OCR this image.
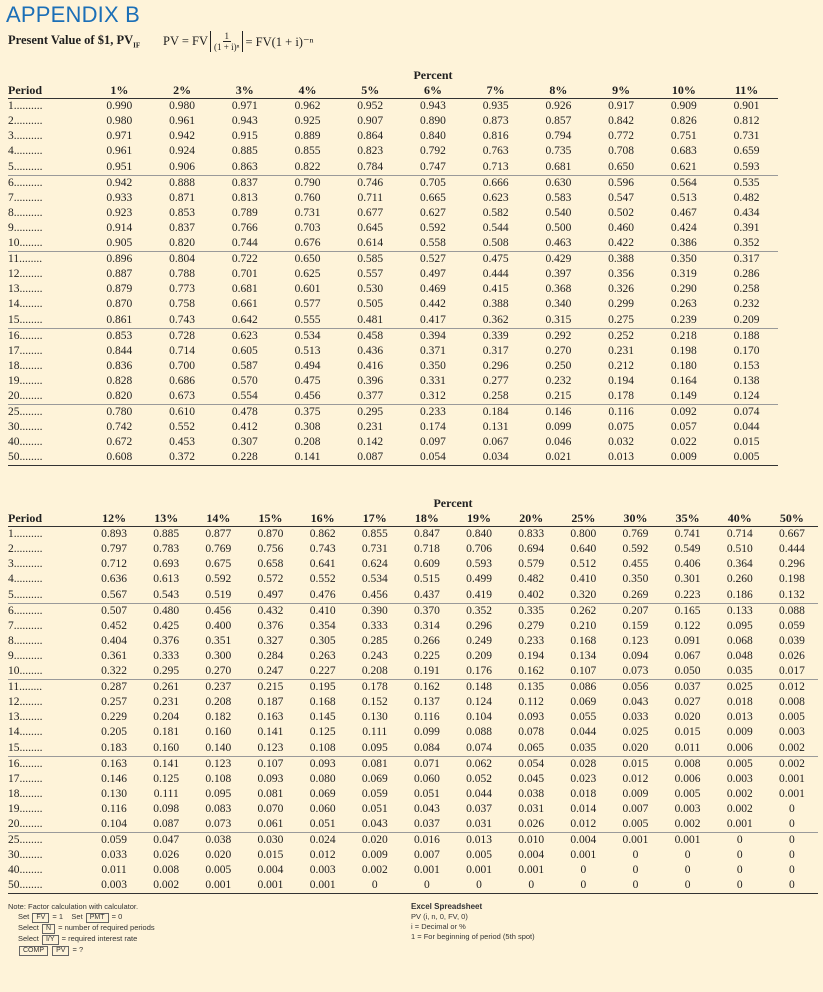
APPENDIX B
Present Value of $1, $PV_{IF}$ PV = FV $\frac{1}{\text{(1 + i)ⁿ}} = FV(1 + i)^{-n}$
	Percent										
Period	1%	2%	3%	4%	5%	6%	7%	8%	9%	10%	11%
1..........	0.990	0.980	0.971	0.962	0.952	0.943	0.935	0.926	0.917	0.909	0.901
2..........	0.980	0.961	0.943	0.925	0.907	0.890	0.873	0.857	0.842	0.826	0.812
3..........	0.971	0.942	0.915	0.889	0.864	0.840	0.816	0.794	0.772	0.751	0.731
4..........	0.961	0.924	0.885	0.855	0.823	0.792	0.763	0.735	0.708	0.683	0.659
5..........	0.951	0.906	0.863	0.822	0.784	0.747	0.713	0.681	0.650	0.621	0.593
6..........	0.942	0.888	0.837	0.790	0.746	0.705	0.666	0.630	0.596	0.564	0.535
7..........	0.933	0.871	0.813	0.760	0.711	0.665	0.623	0.583	0.547	0.513	0.482
8..........	0.923	0.853	0.789	0.731	0.677	0.627	0.582	0.540	0.502	0.467	0.434
9..........	0.914	0.837	0.766	0.703	0.645	0.592	0.544	0.500	0.460	0.424	0.391
10........	0.905	0.820	0.744	0.676	0.614	0.558	0.508	0.463	0.422	0.386	0.352
11........	0.896	0.804	0.722	0.650	0.585	0.527	0.475	0.429	0.388	0.350	0.317
12........	0.887	0.788	0.701	0.625	0.557	0.497	0.444	0.397	0.356	0.319	0.286
13........	0.879	0.773	0.681	0.601	0.530	0.469	0.415	0.368	0.326	0.290	0.258
14........	0.870	0.758	0.661	0.577	0.505	0.442	0.388	0.340	0.299	0.263	0.232
15........	0.861	0.743	0.642	0.555	0.481	0.417	0.362	0.315	0.275	0.239	0.209
16........	0.853	0.728	0.623	0.534	0.458	0.394	0.339	0.292	0.252	0.218	0.188
17........	0.844	0.714	0.605	0.513	0.436	0.371	0.317	0.270	0.231	0.198	0.170
18........	0.836	0.700	0.587	0.494	0.416	0.350	0.296	0.250	0.212	0.180	0.153
19........	0.828	0.686	0.570	0.475	0.396	0.331	0.277	0.232	0.194	0.164	0.138
20........	0.820	0.673	0.554	0.456	0.377	0.312	0.258	0.215	0.178	0.149	0.124
25........	0.780	0.610	0.478	0.375	0.295	0.233	0.184	0.146	0.116	0.092	0.074
30........	0.742	0.552	0.412	0.308	0.231	0.174	0.131	0.099	0.075	0.057	0.044
40........	0.672	0.453	0.307	0.208	0.142	0.097	0.067	0.046	0.032	0.022	0.015
50........	0.608	0.372	0.228	0.141	0.087	0.054	0.034	0.021	0.013	0.009	0.005
	Percent													
Period	12%	13%	14%	15%	16%	17%	18%	19%	20%	25%	30%	35%	40%	50%
1..........	0.893	0.885	0.877	0.870	0.862	0.855	0.847	0.840	0.833	0.800	0.769	0.741	0.714	0.667
2..........	0.797	0.783	0.769	0.756	0.743	0.731	0.718	0.706	0.694	0.640	0.592	0.549	0.510	0.444
3..........	0.712	0.693	0.675	0.658	0.641	0.624	0.609	0.593	0.579	0.512	0.455	0.406	0.364	0.296
4..........	0.636	0.613	0.592	0.572	0.552	0.534	0.515	0.499	0.482	0.410	0.350	0.301	0.260	0.198
5..........	0.567	0.543	0.519	0.497	0.476	0.456	0.437	0.419	0.402	0.320	0.269	0.223	0.186	0.132
6..........	0.507	0.480	0.456	0.432	0.410	0.390	0.370	0.352	0.335	0.262	0.207	0.165	0.133	0.088
7..........	0.452	0.425	0.400	0.376	0.354	0.333	0.314	0.296	0.279	0.210	0.159	0.122	0.095	0.059
8..........	0.404	0.376	0.351	0.327	0.305	0.285	0.266	0.249	0.233	0.168	0.123	0.091	0.068	0.039
9..........	0.361	0.333	0.300	0.284	0.263	0.243	0.225	0.209	0.194	0.134	0.094	0.067	0.048	0.026
10........	0.322	0.295	0.270	0.247	0.227	0.208	0.191	0.176	0.162	0.107	0.073	0.050	0.035	0.017
11........	0.287	0.261	0.237	0.215	0.195	0.178	0.162	0.148	0.135	0.086	0.056	0.037	0.025	0.012
12........	0.257	0.231	0.208	0.187	0.168	0.152	0.137	0.124	0.112	0.069	0.043	0.027	0.018	0.008
13........	0.229	0.204	0.182	0.163	0.145	0.130	0.116	0.104	0.093	0.055	0.033	0.020	0.013	0.005
14........	0.205	0.181	0.160	0.141	0.125	0.111	0.099	0.088	0.078	0.044	0.025	0.015	0.009	0.003
15........	0.183	0.160	0.140	0.123	0.108	0.095	0.084	0.074	0.065	0.035	0.020	0.011	0.006	0.002
16........	0.163	0.141	0.123	0.107	0.093	0.081	0.071	0.062	0.054	0.028	0.015	0.008	0.005	0.002
17........	0.146	0.125	0.108	0.093	0.080	0.069	0.060	0.052	0.045	0.023	0.012	0.006	0.003	0.001
18........	0.130	0.111	0.095	0.081	0.069	0.059	0.051	0.044	0.038	0.018	0.009	0.005	0.002	0.001
19........	0.116	0.098	0.083	0.070	0.060	0.051	0.043	0.037	0.031	0.014	0.007	0.003	0.002	0
20........	0.104	0.087	0.073	0.061	0.051	0.043	0.037	0.031	0.026	0.012	0.005	0.002	0.001	0
25........	0.059	0.047	0.038	0.030	0.024	0.020	0.016	0.013	0.010	0.004	0.001	0.001	0	0
30........	0.033	0.026	0.020	0.015	0.012	0.009	0.007	0.005	0.004	0.001	0	0	0	0
40........	0.011	0.008	0.005	0.004	0.003	0.002	0.001	0.001	0.001	0	0	0	0	0
50........	0.003	0.002	0.001	0.001	0.001	0	0	0	0	0	0	0	0	0
Note: Factor calculation with calculator.
Set FV = 1 Set PMT = 0
Select N = number of required periods
Select I/Y = required interest rate
COMP PV = ?
Excel Spreadsheet
PV (i, n, 0, FV, 0)
i = Decimal or %
1 = For beginning of period (5th spot)
